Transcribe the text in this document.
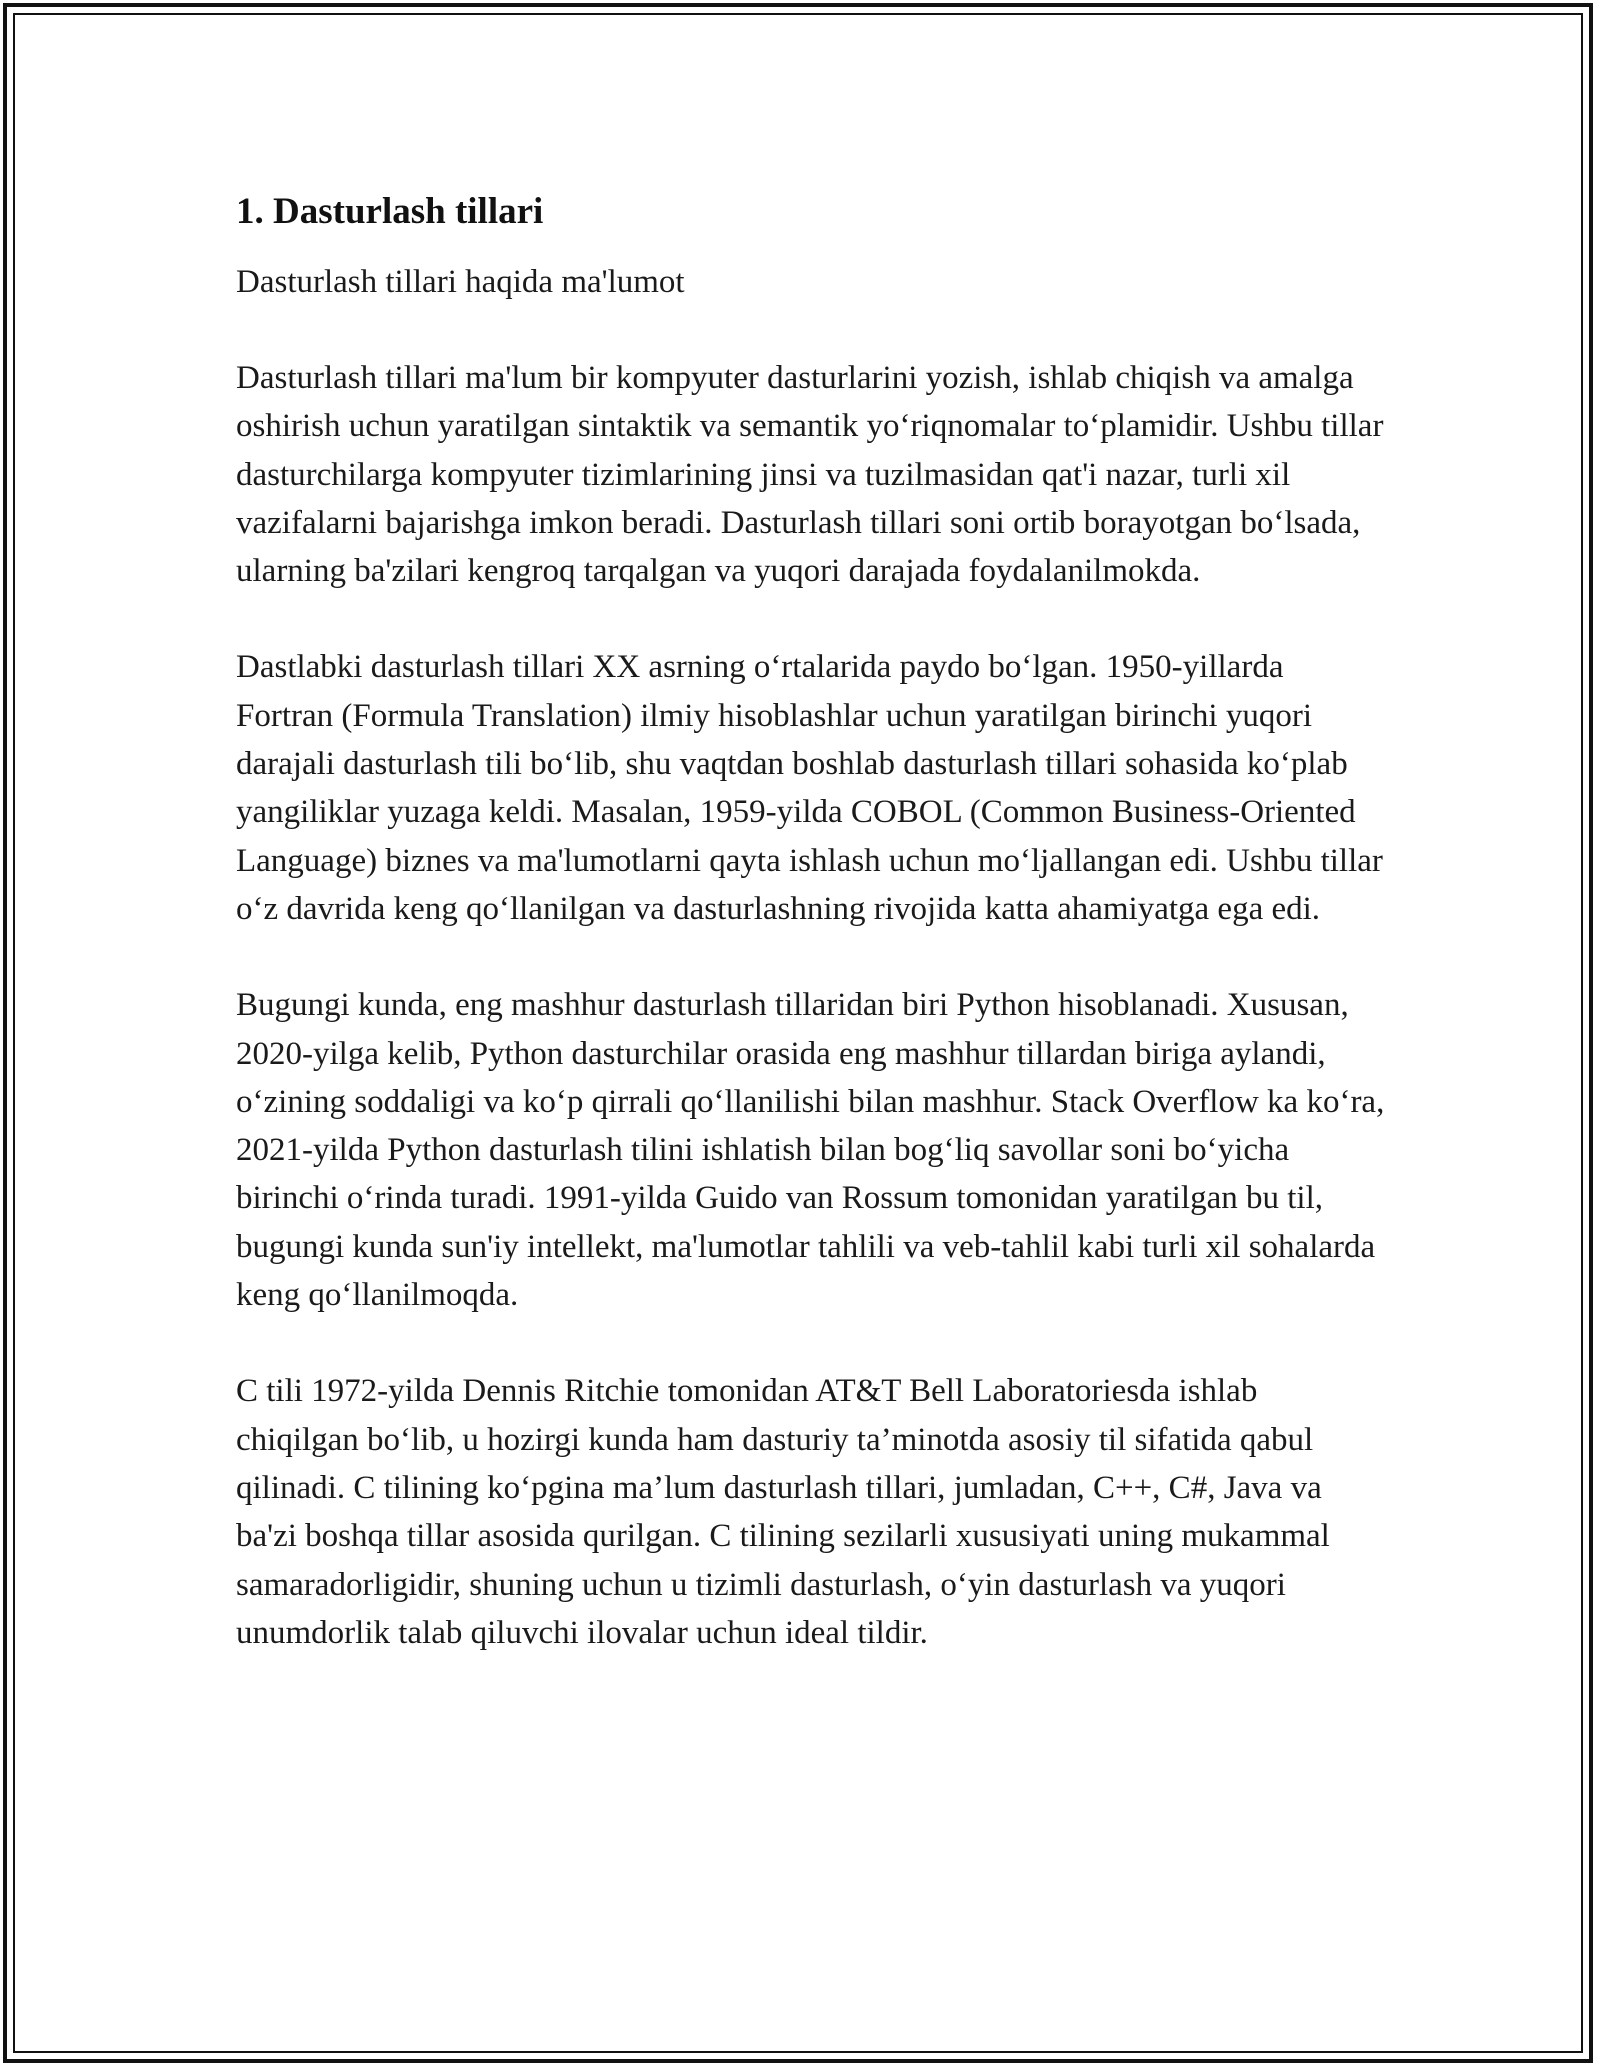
1. Dasturlash tillari

Dasturlash tillari haqida ma'lumot

Dasturlash tillari ma'lum bir kompyuter dasturlarini yozish, ishlab chiqish va amalga oshirish uchun yaratilgan sintaktik va semantik yo‘riqnomalar to‘plamidir. Ushbu tillar dasturchilarga kompyuter tizimlarining jinsi va tuzilmasidan qat'i nazar, turli xil vazifalarni bajarishga imkon beradi. Dasturlash tillari soni ortib borayotgan bo‘lsada, ularning ba'zilari kengroq tarqalgan va yuqori darajada foydalanilmokda.

Dastlabki dasturlash tillari XX asrning o‘rtalarida paydo bo‘lgan. 1950-yillarda Fortran (Formula Translation) ilmiy hisoblashlar uchun yaratilgan birinchi yuqori darajali dasturlash tili bo‘lib, shu vaqtdan boshlab dasturlash tillari sohasida ko‘plab yangiliklar yuzaga keldi. Masalan, 1959-yilda COBOL (Common Business-Oriented Language) biznes va ma'lumotlarni qayta ishlash uchun mo‘ljallangan edi. Ushbu tillar o‘z davrida keng qo‘llanilgan va dasturlashning rivojida katta ahamiyatga ega edi.

Bugungi kunda, eng mashhur dasturlash tillaridan biri Python hisoblanadi. Xususan, 2020-yilga kelib, Python dasturchilar orasida eng mashhur tillardan biriga aylandi, o‘zining soddaligi va ko‘p qirrali qo‘llanilishi bilan mashhur. Stack Overflow ka ko‘ra, 2021-yilda Python dasturlash tilini ishlatish bilan bog‘liq savollar soni bo‘yicha birinchi o‘rinda turadi. 1991-yilda Guido van Rossum tomonidan yaratilgan bu til, bugungi kunda sun'iy intellekt, ma'lumotlar tahlili va veb-tahlil kabi turli xil sohalarda keng qo‘llanilmoqda.

C tili 1972-yilda Dennis Ritchie tomonidan AT&T Bell Laboratoriesda ishlab chiqilgan bo‘lib, u hozirgi kunda ham dasturiy ta’minotda asosiy til sifatida qabul qilinadi. C tilining ko‘pgina ma’lum dasturlash tillari, jumladan, C++, C#, Java va ba'zi boshqa tillar asosida qurilgan. C tilining sezilarli xususiyati uning mukammal samaradorligidir, shuning uchun u tizimli dasturlash, o‘yin dasturlash va yuqori unumdorlik talab qiluvchi ilovalar uchun ideal tildir.
